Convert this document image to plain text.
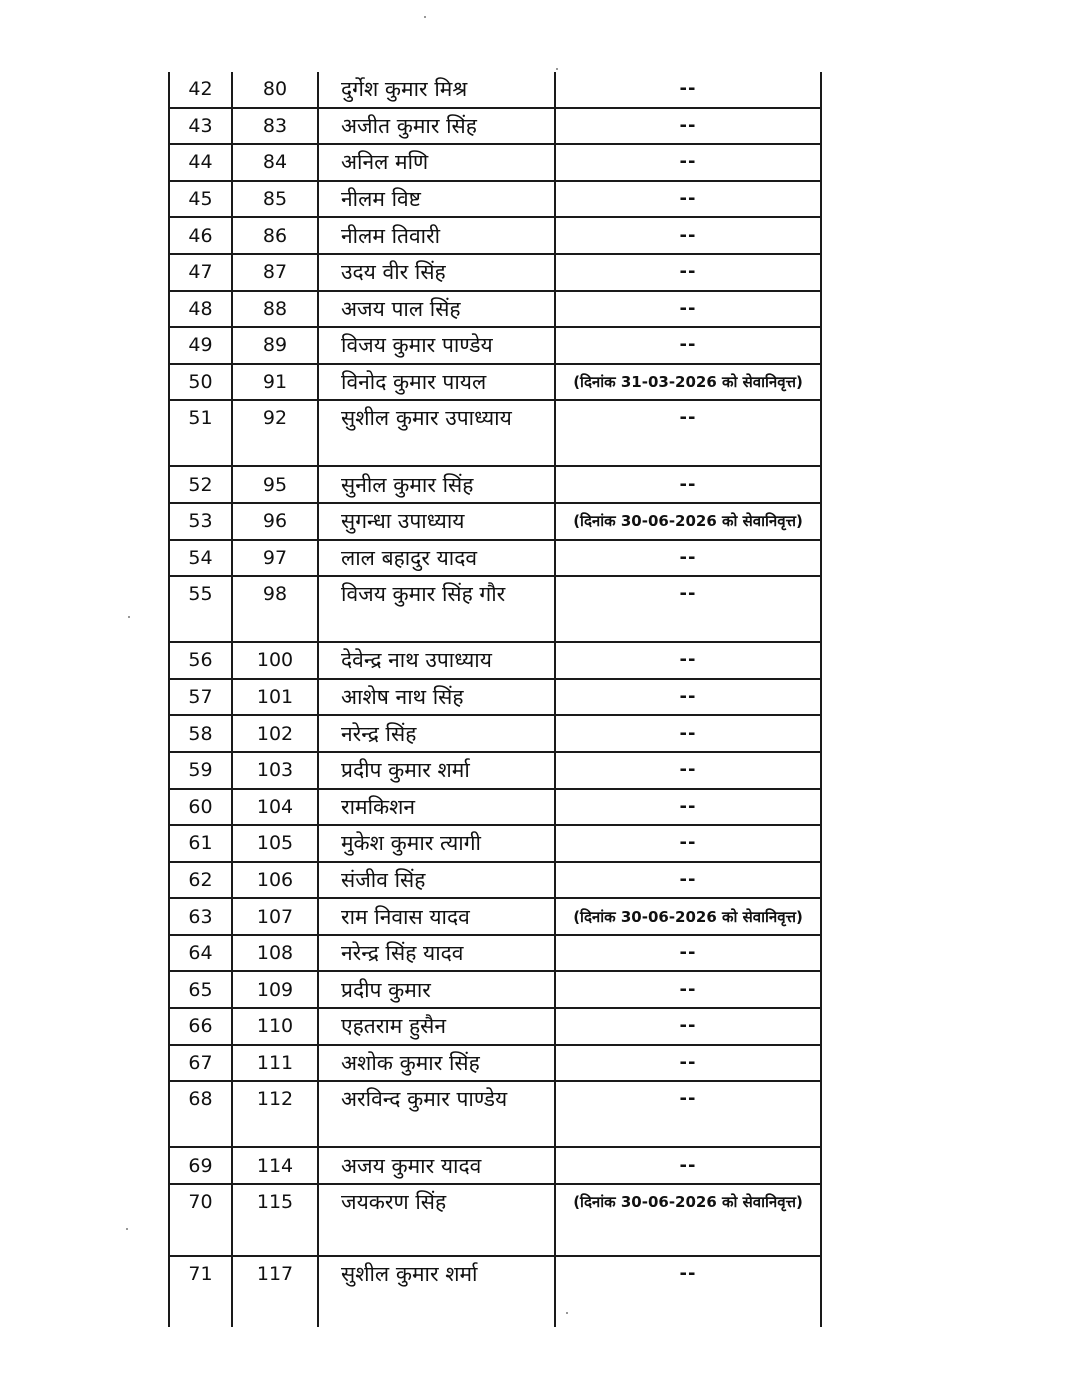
42	80	दुर्गेश कुमार मिश्र	--
43	83	अजीत कुमार सिंह	--
44	84	अनिल मणि	--
45	85	नीलम विष्ट	--
46	86	नीलम तिवारी	--
47	87	उदय वीर सिंह	--
48	88	अजय पाल सिंह	--
49	89	विजय कुमार पाण्डेय	--
50	91	विनोद कुमार पायल	(दिनांक 31-03-2026 को सेवानिवृत्त)
51	92	सुशील कुमार उपाध्याय	--
52	95	सुनील कुमार सिंह	--
53	96	सुगन्धा उपाध्याय	(दिनांक 30-06-2026 को सेवानिवृत्त)
54	97	लाल बहादुर यादव	--
55	98	विजय कुमार सिंह गौर	--
56	100	देवेन्द्र नाथ उपाध्याय	--
57	101	आशेष नाथ सिंह	--
58	102	नरेन्द्र सिंह	--
59	103	प्रदीप कुमार शर्मा	--
60	104	रामकिशन	--
61	105	मुकेश कुमार त्यागी	--
62	106	संजीव सिंह	--
63	107	राम निवास यादव	(दिनांक 30-06-2026 को सेवानिवृत्त)
64	108	नरेन्द्र सिंह यादव	--
65	109	प्रदीप कुमार	--
66	110	एहतराम हुसैन	--
67	111	अशोक कुमार सिंह	--
68	112	अरविन्द कुमार पाण्डेय	--
69	114	अजय कुमार यादव	--
70	115	जयकरण सिंह	(दिनांक 30-06-2026 को सेवानिवृत्त)
71	117	सुशील कुमार शर्मा	--
